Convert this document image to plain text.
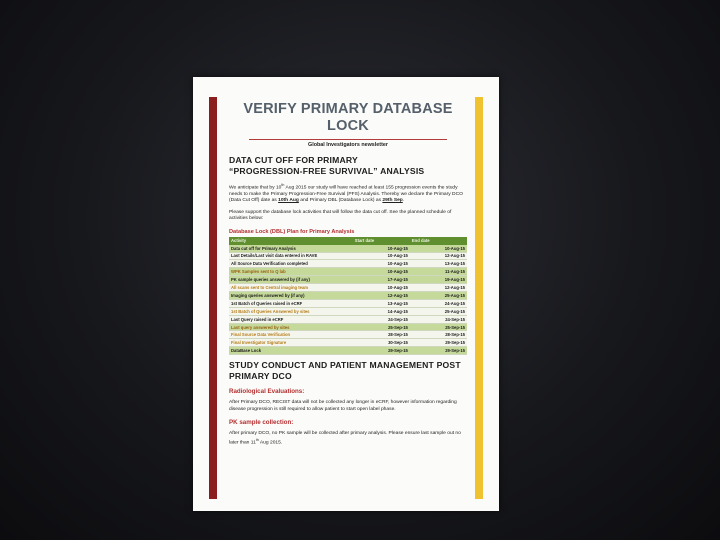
VERIFY PRIMARY DATABASE LOCK
Global Investigators newsletter
DATA CUT OFF FOR PRIMARY
“PROGRESSION-FREE SURVIVAL” ANALYSIS
We anticipate that by 10th Aug 2015 our study will have reached at least 155 progression events the study needs to make the Primary Progression-Free Survival (PFS) Analysis. Thereby we declare the Primary DCO (Data Cut Off) date as 10th Aug and Primary DBL (Database Lock) as 29th Sep.
Please support the database lock activities that will follow the data cut off. See the planned schedule of activities below:
Database Lock (DBL) Plan for Primary Analysis
Activity	Start date	End date
Data cut off for Primary Analysis	10-Aug-15	10-Aug-15
Last Details/Last visit data entered in RAVE	10-Aug-15	12-Aug-15
All Source Data Verification completed	10-Aug-15	13-Aug-15
WPK Samples sent to Q lab	10-Aug-15	11-Aug-15
PK sample queries answered by (if any)	17-Aug-15	19-Aug-15
All scans sent to Central imaging team	10-Aug-15	12-Aug-15
Imaging queries answered by (if any)	12-Aug-15	25-Aug-15
1st Batch of Queries raised in eCRF	13-Aug-15	24-Aug-15
1st Batch of Queries Answered by sites	14-Aug-15	25-Aug-15
Last Query raised in eCRF	24-Sep-15	24-Sep-15
Last query answered by sites	25-Sep-15	25-Sep-15
Final Source Data Verification	28-Sep-15	28-Sep-15
Final Investigator Signature	30-Sep-15	29-Sep-15
DataBase Lock	29-Sep-15	29-Sep-15
STUDY CONDUCT AND PATIENT MANAGEMENT POST
PRIMARY DCO
Radiological Evaluations:
After Primary DCO, RECIST data will not be collected any longer in eCRF, however information regarding disease progression is still required to allow patient to start open label phase.
PK sample collection:
After primary DCO, no PK sample will be collected after primary analysis. Please ensure last sample out no later than 11th Aug 2015.
